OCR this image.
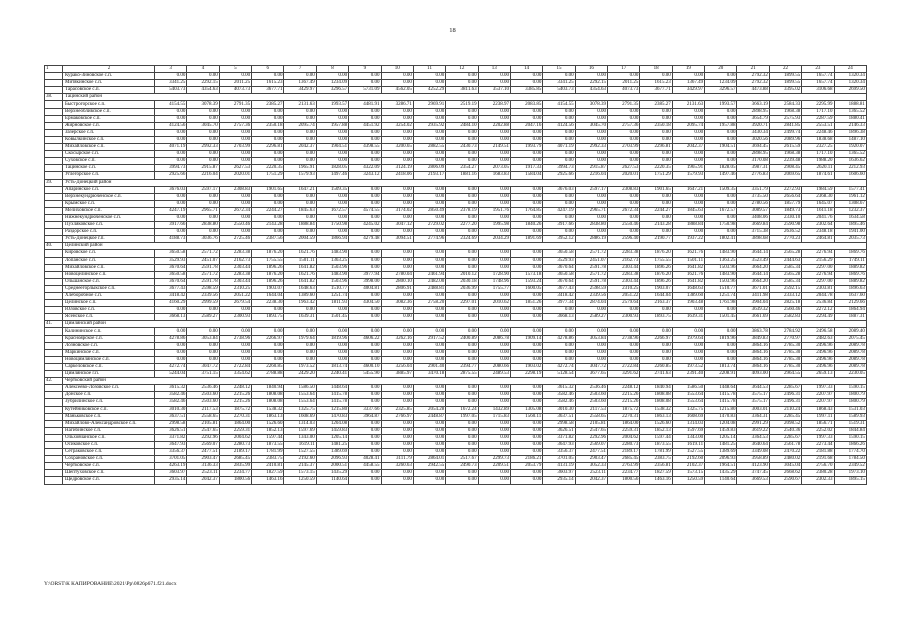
18
1	2	3	4	5	6	7	8	9	10	11	12	13	14	15	16	17	18	19	20	21	22	23	24
	Курако-Зиновское с.п.	0.00	0.00	0.00	0.00	0.00	0.00	0.00	0.00	0.00	0.00	0.00	0.00	0.00	0.00	0.00	0.00	0.00	0.00	2792.32	1899.55	1657.74	1320.34
	Митякинское с.п.	3341.25	2292.15	2011.25	1615.23	1367.49	1234.09	0.00	0.00	0.00	0.00	0.00	0.00	3341.25	2292.15	2011.25	1615.23	1367.49	1234.09	2792.32	1899.55	1657.74	1320.34
	Тарасовское с.п.	5403.73	4354.63	4073.73	3677.71	3429.97	3296.57	5731.09	4562.05	4252.29	3811.63	3537.10	3385.85	5403.73	4354.63	4073.73	3677.71	3429.97	3296.57	4473.88	3395.02	3106.68	2699.50
38.	Тацинский район																						
	Быстрогорское с.п.	4154.55	3078.39	2791.35	2385.27	2131.63	1993.57	4481.91	3286.71	2969.91	2519.19	2238.97	2083.85	4154.55	3078.39	2791.35	2385.27	2131.63	1993.57	3663.19	2584.33	2295.99	1888.81
	Верхнеобливское с.п.	0.00	0.00	0.00	0.00	0.00	0.00	0.00	0.00	0.00	0.00	0.00	0.00	0.00	0.00	0.00	0.00	0.00	0.00	2898.95	1968.38	1717.10	1365.52
	Ермаковское с.п.	0.00	0.00	0.00	0.00	0.00	0.00	0.00	0.00	0.00	0.00	0.00	0.00	0.00	0.00	0.00	0.00	0.00	0.00	3654.79	2575.93	2287.59	1880.41
	Жирновское с.п.	4124.56	3045.70	2757.36	2350.18	2095.74	1957.88	4451.92	3254.02	2935.92	2484.10	2202.88	2047.16	4124.56	3045.70	2757.36	2350.18	2095.74	1957.88	3920.71	2841.85	2553.51	2146.33
	Зазерское с.п.	0.00	0.00	0.00	0.00	0.00	0.00	0.00	0.00	0.00	0.00	0.00	0.00	0.00	0.00	0.00	0.00	0.00	0.00	3430.34	2499.74	2248.46	1896.38
	Ковылкинское с.п.	0.00	0.00	0.00	0.00	0.00	0.00	0.00	0.00	0.00	0.00	0.00	0.00	0.00	0.00	0.00	0.00	0.00	0.00	3020.56	2089.96	1838.68	1487.10
	Михайловское с.п.	4071.19	2992.33	2703.99	2296.81	2042.37	1904.51	4398.55	3200.65	2882.55	2430.73	2149.51	1993.79	4071.19	2992.33	2703.99	2296.81	2042.37	1904.51	3694.45	2615.59	2327.25	1920.07
	Скосырское с.п.	0.00	0.00	0.00	0.00	0.00	0.00	0.00	0.00	0.00	0.00	0.00	0.00	0.00	0.00	0.00	0.00	0.00	0.00	2898.95	1968.38	1717.10	1365.52
	Суховское с.п.	0.00	0.00	0.00	0.00	0.00	0.00	0.00	0.00	0.00	0.00	0.00	0.00	0.00	0.00	0.00	0.00	0.00	0.00	3170.08	2239.48	1988.20	1636.62
	Тацинское с.п.	3994.73	2915.87	2627.53	2220.35	1965.91	1828.05	4322.09	3124.19	2806.09	2354.27	2073.05	1917.33	3994.73	2915.87	2627.53	2220.35	1965.91	1828.05	3987.31	2908.45	2620.11	2212.93
	Углегорское с.п.	2925.66	2216.04	2020.01	1751.29	1579.93	1497.46	3243.12	2418.06	2193.17	1881.16	1683.83	1584.04	2925.66	2216.04	2020.01	1751.29	1579.93	1497.46	2776.83	2069.65	1874.61	1606.60
39.	Усть-Донецкий район																						
	Апаринское с.п.	3676.03	2597.17	2308.83	1901.65	1647.21	1509.35	0.00	0.00	0.00	0.00	0.00	0.00	3676.03	2597.17	2308.83	1901.65	1647.21	1509.35	3351.79	2272.93	1984.59	1577.41
	Верхнекундрюченское с.п.	0.00	0.00	0.00	0.00	0.00	0.00	0.00	0.00	0.00	0.00	0.00	0.00	0.00	0.00	0.00	0.00	0.00	0.00	3735.50	2656.64	2368.30	1961.12
	Крымское с.п.	0.00	0.00	0.00	0.00	0.00	0.00	0.00	0.00	0.00	0.00	0.00	0.00	0.00	0.00	0.00	0.00	0.00	0.00	2780.56	1857.79	1645.07	1308.67
	Мелиховское с.п.	4247.19	2965.71	2672.34	2244.27	1845.63	1672.57	4574.55	3174.02	2850.49	2378.19	1951.76	1764.85	4247.19	2965.71	2672.34	2244.27	1845.63	1672.57	3089.57	1849.73	1611.18	1232.37
	Нижнекундрюченское с.п.	0.00	0.00	0.00	0.00	0.00	0.00	0.00	0.00	0.00	0.00	0.00	0.00	0.00	0.00	0.00	0.00	0.00	0.00	3408.06	2330.10	2041.76	1634.58
	Пухляковское с.п.	3917.66	2838.80	2550.46	2143.28	1888.84	1750.98	4245.02	3047.12	2729.02	2277.20	1995.98	1840.26	3917.66	2838.80	2550.46	2143.28	1888.84	1750.98	3669.84	2590.98	2302.64	1895.46
	Раздорское с.п.	0.00	0.00	0.00	0.00	0.00	0.00	0.00	0.00	0.00	0.00	0.00	0.00	0.00	0.00	0.00	0.00	0.00	0.00	3715.38	2636.52	2348.18	1941.00
	Усть-Донецкое г.п.	4188.73	3036.76	2725.46	2387.56	2004.59	1866.94	4279.48	3094.51	2774.96	2324.69	2034.29	1891.69	3952.12	2886.19	2596.40	2190.77	1937.22	1802.41	3898.68	2770.23	2464.81	2035.73
40.	Целинский район																						
	Кировское с.п.	3650.58	2571.72	2283.38	1876.20	1621.76	1483.90	0.00	0.00	0.00	0.00	0.00	0.00	3650.58	2571.72	2283.38	1876.20	1621.76	1483.90	3644.14	2565.28	2276.94	1869.76
	Лопанское с.п.	3529.93	2451.07	2162.73	1755.55	1501.11	1363.25	0.00	0.00	0.00	0.00	0.00	0.00	3529.93	2451.07	2162.73	1755.55	1501.11	1363.25	3523.49	2444.63	2156.29	1749.11
	Михайловское с.п.	3670.64	2591.78	2303.44	1896.26	1641.82	1503.96	0.00	0.00	0.00	0.00	0.00	0.00	3670.64	2591.78	2303.44	1896.26	1641.82	1503.96	3664.20	2585.34	2297.00	1889.82
	Новоцелинское с.п.	3650.58	2571.72	2283.38	1876.20	1621.76	1483.90	3977.94	2780.04	2461.94	2010.12	1728.90	1573.18	3650.58	2571.72	2283.38	1876.20	1621.76	1483.90	3644.14	2565.28	2276.94	1869.76
	Ольшанское с.п.	3670.64	2591.78	2303.44	1896.26	1641.82	1503.96	3998.00	2800.10	2482.00	2030.18	1748.96	1593.24	3670.64	2591.78	2303.44	1896.26	1641.82	1503.96	3664.20	2585.34	2297.00	1889.82
	Среднеегорлыкское с.п.	3677.43	2598.59	2310.25	1903.07	1648.63	1510.77	4004.81	2806.91	2488.81	2036.99	1755.77	1600.05	3677.43	2598.59	2310.25	1903.07	1648.63	1510.77	3671.01	2592.15	2303.81	1896.63
	Хлеборобное с.п.	3418.42	2339.56	2051.22	1644.04	1389.60	1251.74	0.00	0.00	0.00	0.00	0.00	0.00	3418.42	2339.56	2051.22	1644.04	1389.60	1251.74	3411.98	2333.12	2044.78	1637.60
	Целинское с.п.	4160.29	2999.59	2679.54	2238.30	1963.42	1811.93	4304.50	3082.36	2758.20	2297.01	2010.62	1851.26	3977.34	2874.04	2579.64	2163.37	1903.48	1761.98	3904.04	2825.18	2536.84	2129.66
	Юловское с.п.	0.00	0.00	0.00	0.00	0.00	0.00	0.00	0.00	0.00	0.00	0.00	0.00	0.00	0.00	0.00	0.00	0.00	0.00	3639.32	2560.46	2272.12	1864.94
	Ясенское с.п.	3668.13	2589.27	2300.93	1893.75	1639.31	1501.45	0.00	0.00	0.00	0.00	0.00	0.00	3668.13	2589.27	2300.93	1893.75	1639.31	1501.45	3661.69	2582.83	2294.49	1887.31
41.	Цимлянский район																						
	Калининское с.п.	0.00	0.00	0.00	0.00	0.00	0.00	0.00	0.00	0.00	0.00	0.00	0.00	0.00	0.00	0.00	0.00	0.00	0.00	3863.78	2784.92	2496.58	2089.40
	Красноярское с.п.	4278.86	3053.84	2738.96	2266.97	1979.64	1819.96	4606.22	3262.16	2917.52	2400.89	2086.78	1909.14	4278.86	3053.84	2738.96	2266.97	1979.64	1819.96	3849.83	2770.97	2482.63	2075.45
	Лозновское с.п.	0.00	0.00	0.00	0.00	0.00	0.00	0.00	0.00	0.00	0.00	0.00	0.00	0.00	0.00	0.00	0.00	0.00	0.00	3864.16	2785.30	2496.96	2089.78
	Маркинское с.п.	0.00	0.00	0.00	0.00	0.00	0.00	0.00	0.00	0.00	0.00	0.00	0.00	0.00	0.00	0.00	0.00	0.00	0.00	3864.16	2785.30	2496.96	2089.78
	Новоцимлянское с.п.	0.00	0.00	0.00	0.00	0.00	0.00	0.00	0.00	0.00	0.00	0.00	0.00	0.00	0.00	0.00	0.00	0.00	0.00	3864.16	2785.30	2496.96	2089.78
	Саркеловское с.п.	4272.74	3047.72	2722.84	2260.85	1973.52	1813.74	4600.10	3256.04	2901.40	2394.77	2080.66	1903.02	4272.74	3047.72	2722.84	2260.85	1973.52	1813.74	3864.16	2785.30	2496.96	2089.78
	Цимлянское г.п.	5244.04	3751.15	3354.62	2788.88	2429.20	2240.41	5455.90	3885.97	3470.18	2875.55	2489.53	2298.19	5128.54	3677.65	3291.62	2741.63	2391.40	2208.91	4093.00	2964.55	2659.13	2230.05
42.	Чертковский район																						
	Алексеево-Лозовское с.п.	3615.32	2536.46	2248.12	1840.94	1586.50	1448.64	0.00	0.00	0.00	0.00	0.00	0.00	3615.32	2536.46	2248.12	1840.94	1586.50	1448.64	3644.53	2285.67	1997.33	1590.15
	Донское с.п.	3582.46	2503.60	2215.26	1808.08	1553.64	1415.78	0.00	0.00	0.00	0.00	0.00	0.00	3582.46	2503.60	2215.26	1808.08	1553.64	1415.78	3575.17	2496.31	2207.97	1800.79
	Зубрилинское с.п.	3582.46	2503.60	2215.26	1808.08	1553.64	1415.78	0.00	0.00	0.00	0.00	0.00	0.00	3582.46	2503.60	2215.26	1808.08	1553.64	1415.78	3575.17	2496.31	2207.97	1800.79
	Кутейниковское с.п.	3010.30	2117.53	1875.72	1538.32	1325.75	1215.80	3337.66	2325.85	2054.28	1672.24	1432.89	1305.08	3010.30	2117.53	1875.72	1538.32	1325.75	1215.80	3003.01	2110.24	1868.43	1531.03
	Маньковское с.п.	3637.51	2558.65	2270.31	1863.13	1608.69	1470.83	3964.87	2766.97	2448.87	1997.05	1715.83	1560.11	3637.51	2558.65	2270.31	1863.13	1608.69	1470.83	3364.31	2285.45	1997.11	1589.93
	Михайлово-Александровское с.п.	2998.58	2105.81	1864.00	1526.60	1314.03	1204.08	0.00	0.00	0.00	0.00	0.00	0.00	2998.58	2105.81	1864.00	1526.60	1314.03	1204.08	2991.29	2098.52	1856.71	1519.31
	Нагибинское с.п.	3626.51	2547.65	2259.31	1852.13	1597.69	1459.83	0.00	0.00	0.00	0.00	0.00	0.00	3626.51	2547.65	2259.31	1852.13	1597.69	1459.83	3619.22	2540.36	2252.02	1844.84
	Ольховчанское с.п.	3371.82	2292.96	2004.62	1597.44	1343.00	1205.14	0.00	0.00	0.00	0.00	0.00	0.00	3371.82	2292.96	2004.62	1597.44	1343.00	1205.14	3364.53	2285.67	1997.33	1590.15
	Осиковское с.п.	3647.93	2569.07	2280.73	1873.55	1619.11	1481.25	0.00	0.00	0.00	0.00	0.00	0.00	3647.93	2569.07	2280.73	1873.55	1619.11	1481.25	3640.64	2561.78	2273.44	1866.26
	Сетраковское с.п.	3356.37	2477.51	2189.17	1781.99	1527.55	1389.69	0.00	0.00	0.00	0.00	0.00	0.00	3356.37	2477.51	2189.17	1781.99	1527.55	1389.69	3349.08	2470.22	2181.88	1774.70
	Сохрановское с.п.	3701.05	2903.47	2685.45	2383.75	2192.60	2096.93	4028.41	3111.79	2864.01	2517.67	2299.73	2186.21	3701.05	2903.47	2685.45	2383.75	2192.60	2096.93	3958.89	2480.02	2191.68	1784.50
	Чертковское с.п.	4263.19	3136.33	2835.99	2410.81	2145.37	2000.51	4458.55	3260.63	2942.55	2490.73	2209.51	2053.79	4131.19	3052.33	2763.99	2356.81	2102.37	1964.51	4123.90	3045.04	2756.70	2349.52
	Шептуховское с.п.	3603.97	2523.11	2234.77	1827.59	1573.15	1435.29	0.00	0.00	0.00	0.00	0.00	0.00	3603.97	2523.11	2234.77	1827.59	1573.15	1435.29	3747.45	2668.62	2380.28	1973.10
	Щедровское с.п.	2935.14	2042.37	1800.56	1463.16	1250.59	1140.64	0.00	0.00	0.00	0.00	0.00	0.00	2935.14	2042.37	1800.56	1463.16	1250.59	1140.64	3669.53	2590.67	2302.33	1895.15
Y:\ORST\К КАПИРОВАНИЕ\2021\Pp\0826p671.f21.docx
